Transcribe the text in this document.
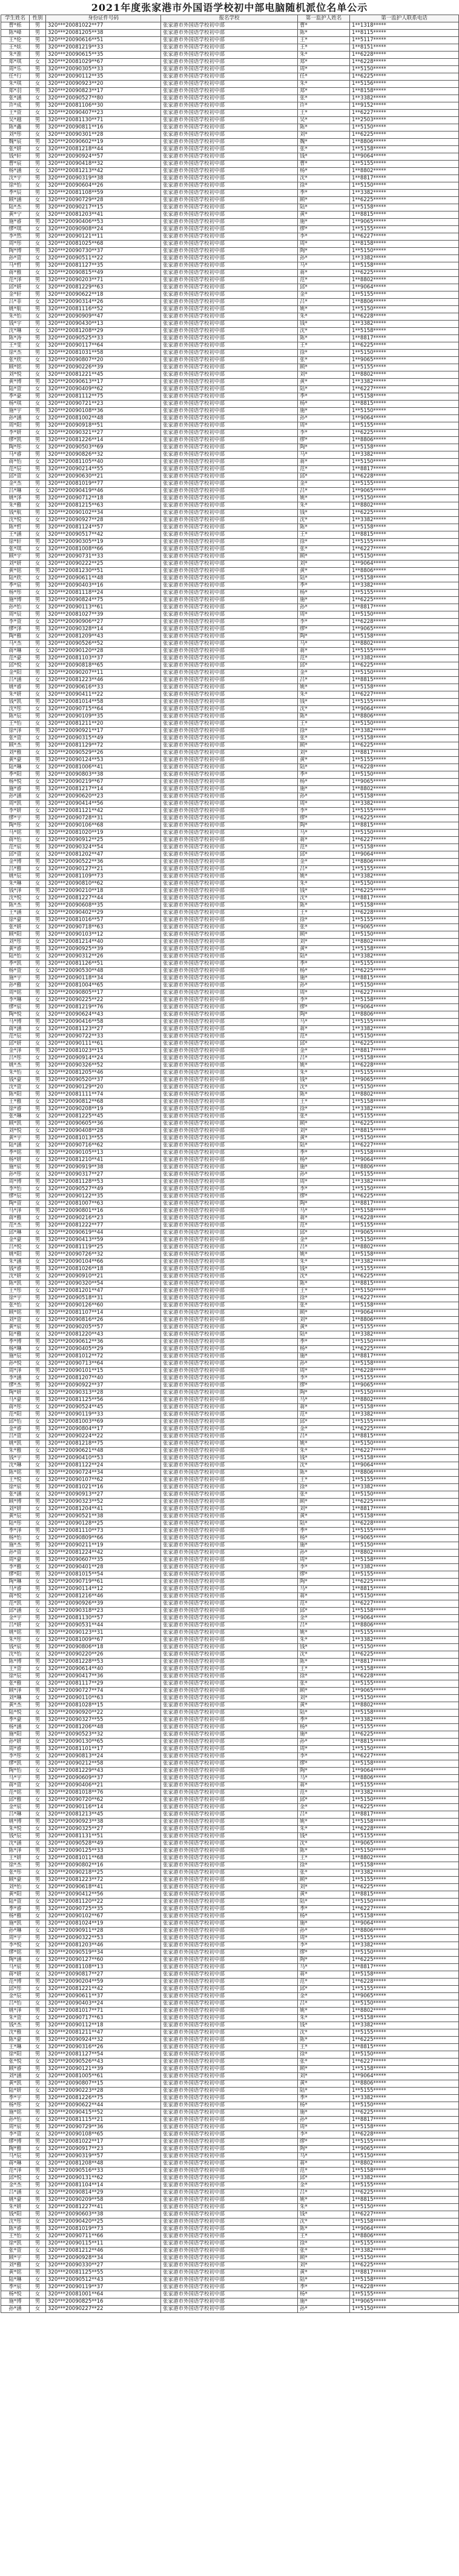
2021年度张家港市外国语学校初中部电脑随机派位名单公示
学生姓名	性别	身份证件号码	报名学校	第一监护人姓名	第一监护人联系电话
曹*栎	男	320***20081022**77	张家港市外国语学校初中部	曹*	1**1318*****
陈*峰	男	320***20081205**38	张家港市外国语学校初中部	陈*	1**8115*****
王*伦	男	320***20090616**51	张家港市外国语学校初中部	王*	1**5117*****
王*炫	男	320***20081219**33	张家港市外国语学校初中部	王*	1**8151*****
朱*淮	男	320***20090615**35	张家港市外国语学校初中部	朱*	1**6228*****
郑*琪	女	320***20081029**67	张家港市外国语学校初中部	郑*	1**6228*****
周*乐	男	320***20090305**33	张家港市外国语学校初中部	周*	1**5150*****
任*行	男	320***20090112**35	张家港市外国语学校初中部	任*	1**6225*****
朱*琪	女	320***20090923**20	张家港市外国语学校初中部	朱*	1**5156*****
郑*羽	男	320***20090823**17	张家港市外国语学校初中部	郑*	1**8158*****
张*涵	女	320***20090527**80	张家港市外国语学校初中部	张*	1**3382*****
许*成	男	320***20081106**30	张家港市外国语学校初中部	许*	1**9152*****
王*萱	女	320***20090407**23	张家港市外国语学校初中部	王*	1**6227*****
吴*越	男	320***20081130**71	张家港市外国语学校初中部	吴*	1**2503*****
陈*鑫	男	320***20090811**16	张家港市外国语学校初中部	陈*	1**5150*****
刘*彤	女	320***20090301**28	张家港市外国语学校初中部	刘*	1**6225*****
魏*宸	男	320***20090602**19	张家港市外国语学校初中部	魏*	1**8806*****
张*妍	女	320***20081218**44	张家港市外国语学校初中部	张*	1**5158*****
钱*轩	男	320***20090924**57	张家港市外国语学校初中部	钱*	1**9064*****
曹*宸	男	320***20090418**32	张家港市外国语学校初中部	曹*	1**5155*****
杨*涵	女	320***20081213**42	张家港市外国语学校初中部	杨*	1**8802*****
沈*宇	男	320***20090319**38	张家港市外国语学校初中部	沈*	1**8817*****
徐*怡	女	320***20090604**26	张家港市外国语学校初中部	徐*	1**5150*****
季*辰	男	320***20081108**59	张家港市外国语学校初中部	季*	1**3382*****
顾*涵	女	320***20090729**28	张家港市外国语学校初中部	顾*	1**6225*****
陆*杰	男	320***20090217**15	张家港市外国语学校初中部	陆*	1**5158*****
黄*宁	女	320***20081203**41	张家港市外国语学校初中部	黄*	1**8815*****
施*睿	男	320***20090406**53	张家港市外国语学校初中部	施*	1**9065*****
缪*琪	女	320***20090908**24	张家港市外国语学校初中部	缪*	1**5155*****
李*然	男	320***20090121**11	张家港市外国语学校初中部	李*	1**6227*****
周*彤	女	320***20081025**68	张家港市外国语学校初中部	周*	1**8158*****
陶*博	男	320***20090730**37	张家港市外国语学校初中部	陶*	1**5150*****
孙*萱	女	320***20090511**22	张家港市外国语学校初中部	孙*	1**3382*****
马*哲	男	320***20081127**35	张家港市外国语学校初中部	马*	1**5158*****
蒋*雅	女	320***20090815**49	张家港市外国语学校初中部	蒋*	1**6225*****
范*泽	男	320***20090203**71	张家港市外国语学校初中部	范*	1**8802*****
邱*妍	女	320***20081229**63	张家港市外国语学校初中部	邱*	1**9064*****
金*轩	男	320***20090622**18	张家港市外国语学校初中部	金*	1**5155*****
吕*菲	女	320***20090314**26	张家港市外国语学校初中部	吕*	1**8806*****
姚*航	男	320***20081116**52	张家港市外国语学校初中部	姚*	1**5150*****
朱*怡	女	320***20090909**47	张家港市外国语学校初中部	朱*	1**6228*****
钱*宇	男	320***20090430**13	张家港市外国语学校初中部	钱*	1**3382*****
沈*琳	女	320***20081208**29	张家港市外国语学校初中部	沈*	1**5158*****
陈*涛	男	320***20090525**33	张家港市外国语学校初中部	陈*	1**8817*****
王*雯	女	320***20090117**64	张家港市外国语学校初中部	王*	1**6225*****
徐*杰	男	320***20081031**58	张家港市外国语学校初中部	徐*	1**5150*****
张*欣	女	320***20090807**20	张家港市外国语学校初中部	张*	1**9065*****
顾*铭	男	320***20090226**39	张家港市外国语学校初中部	顾*	1**5155*****
刘*悦	女	320***20081221**45	张家港市外国语学校初中部	刘*	1**8802*****
黄*博	男	320***20090613**17	张家港市外国语学校初中部	黄*	1**3382*****
陆*萱	女	320***20090409**62	张家港市外国语学校初中部	陆*	1**6227*****
季*豪	男	320***20081112**75	张家港市外国语学校初中部	季*	1**5158*****
杨*琪	女	320***20090721**23	张家港市外国语学校初中部	杨*	1**8815*****
施*宇	男	320***20090108**36	张家港市外国语学校初中部	施*	1**5150*****
孙*涵	女	320***20081002**48	张家港市外国语学校初中部	孙*	1**9064*****
周*阳	男	320***20090918**51	张家港市外国语学校初中部	周*	1**5155*****
李*妍	女	320***20090321**27	张家港市外国语学校初中部	李*	1**6225*****
缪*凯	男	320***20081226**14	张家港市外国语学校初中部	缪*	1**8806*****
陶*彤	女	320***20090503**69	张家港市外国语学校初中部	陶*	1**5158*****
马*睿	男	320***20090826**32	张家港市外国语学校初中部	马*	1**3382*****
蒋*怡	女	320***20081105**40	张家港市外国语学校初中部	蒋*	1**5150*****
范*辰	男	320***20090214**55	张家港市外国语学校初中部	范*	1**8817*****
邱*萱	女	320***20090630**21	张家港市外国语学校初中部	邱*	1**6228*****
金*杰	男	320***20081019**77	张家港市外国语学校初中部	金*	1**5155*****
吕*琳	女	320***20090419**46	张家港市外国语学校初中部	吕*	1**9065*****
姚*泽	男	320***20090712**18	张家港市外国语学校初中部	姚*	1**5150*****
朱*雅	女	320***20081215**63	张家港市外国语学校初中部	朱*	1**8802*****
钱*航	男	320***20090102**34	张家港市外国语学校初中部	钱*	1**6225*****
沈*悦	女	320***20090927**28	张家港市外国语学校初中部	沈*	1**3382*****
陈*哲	男	320***20081124**57	张家港市外国语学校初中部	陈*	1**5158*****
王*涵	女	320***20090517**42	张家港市外国语学校初中部	王*	1**8815*****
徐*轩	男	320***20090305**19	张家港市外国语学校初中部	徐*	1**5155*****
张*琪	女	320***20081008**66	张家港市外国语学校初中部	张*	1**6227*****
顾*宇	男	320***20090731**33	张家港市外国语学校初中部	顾*	1**5150*****
刘*妍	女	320***20090222**25	张家港市外国语学校初中部	刘*	1**9064*****
黄*铭	男	320***20081230**51	张家港市外国语学校初中部	黄*	1**8806*****
陆*欣	女	320***20090611**48	张家港市外国语学校初中部	陆*	1**5158*****
季*宸	男	320***20090403**16	张家港市外国语学校初中部	季*	1**3382*****
杨*彤	女	320***20081118**24	张家港市外国语学校初中部	杨*	1**5155*****
施*博	男	320***20090824**75	张家港市外国语学校初中部	施*	1**6225*****
孙*怡	女	320***20090113**61	张家港市外国语学校初中部	孙*	1**8817*****
周*辰	男	320***20081027**39	张家港市外国语学校初中部	周*	1**5150*****
李*萱	女	320***20090906**27	张家港市外国语学校初中部	李*	1**6228*****
缪*泽	男	320***20090328**14	张家港市外国语学校初中部	缪*	1**9065*****
陶*雅	女	320***20081209**43	张家港市外国语学校初中部	陶*	1**5158*****
马*杰	男	320***20090526**52	张家港市外国语学校初中部	马*	1**8802*****
蒋*琳	女	320***20090120**28	张家港市外国语学校初中部	蒋*	1**5155*****
范*豪	男	320***20081103**37	张家港市外国语学校初中部	范*	1**3382*****
邱*悦	女	320***20090818**65	张家港市外国语学校初中部	邱*	1**6225*****
金*阳	男	320***20090207**11	张家港市外国语学校初中部	金*	1**5150*****
吕*涵	女	320***20081223**46	张家港市外国语学校初中部	吕*	1**8815*****
姚*睿	男	320***20090616**33	张家港市外国语学校初中部	姚*	1**5158*****
朱*妍	女	320***20090411**22	张家港市外国语学校初中部	朱*	1**6227*****
钱*凯	男	320***20081014**58	张家港市外国语学校初中部	钱*	1**5155*****
沈*彤	女	320***20090715**64	张家港市外国语学校初中部	沈*	1**9064*****
陈*辰	男	320***20090109**35	张家港市外国语学校初中部	陈*	1**8806*****
王*怡	女	320***20081211**20	张家港市外国语学校初中部	王*	1**5150*****
徐*泽	男	320***20090921**17	张家港市外国语学校初中部	徐*	1**3382*****
张*萱	女	320***20090315**49	张家港市外国语学校初中部	张*	1**5158*****
顾*杰	男	320***20081129**72	张家港市外国语学校初中部	顾*	1**6225*****
刘*雅	女	320***20090529**26	张家港市外国语学校初中部	刘*	1**8817*****
黄*豪	男	320***20090124**53	张家港市外国语学校初中部	黄*	1**5155*****
陆*琳	女	320***20081006**41	张家港市外国语学校初中部	陆*	1**6228*****
季*阳	男	320***20090803**38	张家港市外国语学校初中部	季*	1**5150*****
杨*悦	女	320***20090219**67	张家港市外国语学校初中部	杨*	1**9065*****
施*睿	男	320***20081217**14	张家港市外国语学校初中部	施*	1**8802*****
孙*涵	女	320***20090620**23	张家港市外国语学校初中部	孙*	1**5158*****
周*凯	男	320***20090414**56	张家港市外国语学校初中部	周*	1**3382*****
李*妍	女	320***20081121**42	张家港市外国语学校初中部	李*	1**5155*****
缪*宇	男	320***20090728**31	张家港市外国语学校初中部	缪*	1**6225*****
陶*彤	女	320***20090106**68	张家港市外国语学校初中部	陶*	1**8815*****
马*铭	男	320***20081020**19	张家港市外国语学校初中部	马*	1**5150*****
蒋*怡	女	320***20090912**25	张家港市外国语学校初中部	蒋*	1**6227*****
范*宸	男	320***20090324**54	张家港市外国语学校初中部	范*	1**5158*****
邱*萱	女	320***20081202**47	张家港市外国语学校初中部	邱*	1**9064*****
金*博	男	320***20090522**36	张家港市外国语学校初中部	金*	1**8806*****
吕*雅	女	320***20090127**21	张家港市外国语学校初中部	吕*	1**5155*****
姚*辰	男	320***20081109**73	张家港市外国语学校初中部	姚*	1**3382*****
朱*琳	女	320***20090810**62	张家港市外国语学校初中部	朱*	1**5150*****
钱*泽	男	320***20090210**18	张家港市外国语学校初中部	钱*	1**6225*****
沈*悦	女	320***20081227**44	张家港市外国语学校初中部	沈*	1**8817*****
陈*杰	男	320***20090608**35	张家港市外国语学校初中部	陈*	1**5158*****
王*涵	女	320***20090402**29	张家港市外国语学校初中部	王*	1**6228*****
徐*豪	男	320***20081016**57	张家港市外国语学校初中部	徐*	1**5155*****
张*妍	女	320***20090718**63	张家港市外国语学校初中部	张*	1**9065*****
顾*阳	男	320***20090103**12	张家港市外国语学校初中部	顾*	1**5150*****
刘*彤	女	320***20081214**40	张家港市外国语学校初中部	刘*	1**8802*****
黄*睿	男	320***20090925**39	张家港市外国语学校初中部	黄*	1**5158*****
陆*怡	女	320***20090312**26	张家港市外国语学校初中部	陆*	1**3382*****
季*凯	男	320***20081126**51	张家港市外国语学校初中部	季*	1**5155*****
杨*萱	女	320***20090530**48	张家港市外国语学校初中部	杨*	1**6225*****
施*宇	男	320***20090118**34	张家港市外国语学校初中部	施*	1**8815*****
孙*雅	女	320***20081004**65	张家港市外国语学校初中部	孙*	1**5150*****
周*铭	男	320***20090805**17	张家港市外国语学校初中部	周*	1**6227*****
李*琳	女	320***20090225**22	张家港市外国语学校初中部	李*	1**5158*****
缪*宸	男	320***20081219**76	张家港市外国语学校初中部	缪*	1**9064*****
陶*悦	女	320***20090624**43	张家港市外国语学校初中部	陶*	1**8806*****
马*博	男	320***20090416**58	张家港市外国语学校初中部	马*	1**5155*****
蒋*涵	女	320***20081123**27	张家港市外国语学校初中部	蒋*	1**3382*****
范*辰	男	320***20090722**33	张家港市外国语学校初中部	范*	1**5150*****
邱*妍	女	320***20090111**61	张家港市外国语学校初中部	邱*	1**6225*****
金*泽	男	320***20081023**15	张家港市外国语学校初中部	金*	1**8817*****
吕*彤	女	320***20090914**24	张家港市外国语学校初中部	吕*	1**5158*****
姚*杰	男	320***20090326**52	张家港市外国语学校初中部	姚*	1**6228*****
朱*怡	女	320***20081205**46	张家港市外国语学校初中部	朱*	1**5155*****
钱*豪	男	320***20090520**37	张家港市外国语学校初中部	钱*	1**9065*****
沈*萱	女	320***20090129**20	张家港市外国语学校初中部	沈*	1**5150*****
陈*阳	男	320***20081111**74	张家港市外国语学校初中部	陈*	1**8802*****
王*雅	女	320***20090812**68	张家港市外国语学校初中部	王*	1**5158*****
徐*睿	男	320***20090208**19	张家港市外国语学校初中部	徐*	1**3382*****
张*琳	女	320***20081225**45	张家港市外国语学校初中部	张*	1**5155*****
顾*凯	男	320***20090605**36	张家港市外国语学校初中部	顾*	1**6225*****
刘*悦	女	320***20090408**28	张家港市外国语学校初中部	刘*	1**8815*****
黄*宇	男	320***20081013**55	张家港市外国语学校初中部	黄*	1**5150*****
陆*涵	女	320***20090716**62	张家港市外国语学校初中部	陆*	1**6227*****
季*铭	男	320***20090105**13	张家港市外国语学校初中部	季*	1**5158*****
杨*妍	女	320***20081210**41	张家港市外国语学校初中部	杨*	1**9064*****
施*宸	男	320***20090919**38	张家港市外国语学校初中部	施*	1**8806*****
孙*彤	女	320***20090317**27	张家港市外国语学校初中部	孙*	1**5155*****
周*博	男	320***20081128**53	张家港市外国语学校初中部	周*	1**3382*****
李*怡	女	320***20090527**49	张家港市外国语学校初中部	李*	1**5150*****
缪*辰	男	320***20090122**35	张家港市外国语学校初中部	缪*	1**6225*****
陶*萱	女	320***20081007**63	张家港市外国语学校初中部	陶*	1**8817*****
马*泽	男	320***20090801**16	张家港市外国语学校初中部	马*	1**5158*****
蒋*雅	女	320***20090216**23	张家港市外国语学校初中部	蒋*	1**6228*****
范*杰	男	320***20081222**77	张家港市外国语学校初中部	范*	1**5155*****
邱*琳	女	320***20090619**44	张家港市外国语学校初中部	邱*	1**9065*****
金*豪	男	320***20090413**59	张家港市外国语学校初中部	金*	1**5150*****
吕*悦	女	320***20081119**25	张家港市外国语学校初中部	吕*	1**8802*****
姚*阳	男	320***20090726**32	张家港市外国语学校初中部	姚*	1**5158*****
朱*涵	女	320***20090104**66	张家港市外国语学校初中部	朱*	1**3382*****
钱*睿	男	320***20081026**18	张家港市外国语学校初中部	钱*	1**5155*****
沈*妍	女	320***20090910**21	张家港市外国语学校初中部	沈*	1**6225*****
陈*凯	男	320***20090320**54	张家港市外国语学校初中部	陈*	1**8815*****
王*彤	女	320***20081201**47	张家港市外国语学校初中部	王*	1**5150*****
徐*宇	男	320***20090518**31	张家港市外国语学校初中部	徐*	1**6227*****
张*怡	女	320***20090126**60	张家港市外国语学校初中部	张*	1**5158*****
顾*铭	男	320***20081107**14	张家港市外国语学校初中部	顾*	1**9064*****
刘*萱	女	320***20090816**26	张家港市外国语学校初中部	刘*	1**8806*****
黄*宸	男	320***20090205**57	张家港市外国语学校初中部	黄*	1**5155*****
陆*雅	女	320***20081220**43	张家港市外国语学校初中部	陆*	1**3382*****
季*博	男	320***20090612**36	张家港市外国语学校初中部	季*	1**5150*****
杨*琳	女	320***20090405**29	张家港市外国语学校初中部	杨*	1**6225*****
施*辰	男	320***20081012**72	张家港市外国语学校初中部	施*	1**8817*****
孙*悦	女	320***20090713**64	张家港市外国语学校初中部	孙*	1**5158*****
周*泽	男	320***20090101**15	张家港市外国语学校初中部	周*	1**6228*****
李*涵	女	320***20081207**40	张家港市外国语学校初中部	李*	1**5155*****
缪*杰	男	320***20090922**37	张家港市外国语学校初中部	缪*	1**9065*****
陶*妍	女	320***20090313**28	张家港市外国语学校初中部	陶*	1**5150*****
马*豪	男	320***20081125**56	张家港市外国语学校初中部	马*	1**8802*****
蒋*彤	女	320***20090524**45	张家港市外国语学校初中部	蒋*	1**5158*****
范*阳	男	320***20090119**33	张家港市外国语学校初中部	范*	1**3382*****
邱*怡	女	320***20081003**69	张家港市外国语学校初中部	邱*	1**5155*****
金*睿	男	320***20090804**17	张家港市外国语学校初中部	金*	1**6225*****
吕*萱	女	320***20090224**22	张家港市外国语学校初中部	吕*	1**8815*****
姚*凯	男	320***20081218**75	张家港市外国语学校初中部	姚*	1**5150*****
朱*雅	女	320***20090621**48	张家港市外国语学校初中部	朱*	1**6227*****
钱*宇	男	320***20090410**53	张家港市外国语学校初中部	钱*	1**5158*****
沈*琳	女	320***20081122**24	张家港市外国语学校初中部	沈*	1**9064*****
陈*铭	男	320***20090724**34	张家港市外国语学校初中部	陈*	1**8806*****
王*悦	女	320***20090107**62	张家港市外国语学校初中部	王*	1**5155*****
徐*宸	男	320***20081021**16	张家港市外国语学校初中部	徐*	1**3382*****
张*涵	女	320***20090913**27	张家港市外国语学校初中部	张*	1**5150*****
顾*博	男	320***20090323**52	张家港市外国语学校初中部	顾*	1**6225*****
刘*妍	女	320***20081204**41	张家港市外国语学校初中部	刘*	1**8817*****
黄*辰	男	320***20090521**38	张家港市外国语学校初中部	黄*	1**5158*****
陆*彤	女	320***20090128**25	张家港市外国语学校初中部	陆*	1**6228*****
季*泽	男	320***20081110**73	张家港市外国语学校初中部	季*	1**5155*****
杨*怡	女	320***20090809**66	张家港市外国语学校初中部	杨*	1**9065*****
施*杰	男	320***20090211**19	张家港市外国语学校初中部	施*	1**5150*****
孙*萱	女	320***20081224**42	张家港市外国语学校初中部	孙*	1**8802*****
周*豪	男	320***20090607**35	张家港市外国语学校初中部	周*	1**5158*****
李*雅	女	320***20090401**28	张家港市外国语学校初中部	李*	1**3382*****
缪*阳	男	320***20081015**54	张家港市外国语学校初中部	缪*	1**5155*****
陶*琳	女	320***20090719**61	张家港市外国语学校初中部	陶*	1**6225*****
马*睿	男	320***20090114**12	张家港市外国语学校初中部	马*	1**8815*****
蒋*悦	女	320***20081216**46	张家港市外国语学校初中部	蒋*	1**5150*****
范*凯	男	320***20090926**39	张家港市外国语学校初中部	范*	1**6227*****
邱*涵	女	320***20090318**23	张家港市外国语学校初中部	邱*	1**5158*****
金*宇	男	320***20081130**57	张家港市外国语学校初中部	金*	1**9064*****
吕*妍	女	320***20090531**44	张家港市外国语学校初中部	吕*	1**8806*****
姚*铭	男	320***20090123**31	张家港市外国语学校初中部	姚*	1**5155*****
朱*彤	女	320***20081009**67	张家港市外国语学校初中部	朱*	1**3382*****
钱*宸	男	320***20090806**18	张家港市外国语学校初中部	钱*	1**5150*****
沈*怡	女	320***20090220**26	张家港市外国语学校初中部	沈*	1**6225*****
陈*博	男	320***20081228**53	张家港市外国语学校初中部	陈*	1**8817*****
王*萱	女	320***20090614**40	张家港市外国语学校初中部	王*	1**5158*****
徐*辰	男	320***20090417**36	张家港市外国语学校初中部	徐*	1**6228*****
张*雅	女	320***20081117**29	张家港市外国语学校初中部	张*	1**5155*****
顾*泽	男	320***20090727**74	张家港市外国语学校初中部	顾*	1**9065*****
刘*琳	女	320***20090110**63	张家港市外国语学校初中部	刘*	1**5150*****
黄*杰	男	320***20081028**15	张家港市外国语学校初中部	黄*	1**8802*****
陆*悦	女	320***20090920**22	张家港市外国语学校初中部	陆*	1**5158*****
季*豪	男	320***20090327**55	张家港市外国语学校初中部	季*	1**3382*****
杨*涵	女	320***20081206**48	张家港市外国语学校初中部	杨*	1**5155*****
施*阳	男	320***20090523**32	张家港市外国语学校初中部	施*	1**6225*****
孙*妍	女	320***20090130**65	张家港市外国语学校初中部	孙*	1**8815*****
周*睿	男	320***20081101**17	张家港市外国语学校初中部	周*	1**5150*****
李*彤	女	320***20090813**24	张家港市外国语学校初中部	李*	1**6227*****
缪*凯	男	320***20090212**58	张家港市外国语学校初中部	缪*	1**5158*****
陶*怡	女	320***20081229**43	张家港市外国语学校初中部	陶*	1**9064*****
马*宇	男	320***20090609**37	张家港市外国语学校初中部	马*	1**8806*****
蒋*萱	女	320***20090406**21	张家港市外国语学校初中部	蒋*	1**5155*****
范*铭	男	320***20081018**76	张家港市外国语学校初中部	范*	1**3382*****
邱*雅	女	320***20090720**62	张家港市外国语学校初中部	邱*	1**5150*****
金*宸	男	320***20090116**14	张家港市外国语学校初中部	金*	1**6225*****
吕*琳	女	320***20081213**45	张家港市外国语学校初中部	吕*	1**8817*****
姚*博	男	320***20090923**38	张家港市外国语学校初中部	姚*	1**5158*****
朱*悦	女	320***20090325**27	张家港市外国语学校初中部	朱*	1**6228*****
钱*辰	男	320***20081131**51	张家港市外国语学校初中部	钱*	1**5155*****
沈*涵	女	320***20090528**49	张家港市外国语学校初中部	沈*	1**9065*****
陈*泽	男	320***20090125**33	张家港市外国语学校初中部	陈*	1**5150*****
王*妍	女	320***20081011**68	张家港市外国语学校初中部	王*	1**8802*****
徐*杰	男	320***20090802**16	张家港市外国语学校初中部	徐*	1**5158*****
张*彤	女	320***20090218**25	张家港市外国语学校初中部	张*	1**3382*****
顾*豪	男	320***20081223**72	张家港市外国语学校初中部	顾*	1**5155*****
刘*怡	女	320***20090618**41	张家港市外国语学校初中部	刘*	1**6225*****
黄*阳	男	320***20090412**56	张家港市外国语学校初中部	黄*	1**8815*****
陆*萱	女	320***20081120**22	张家港市外国语学校初中部	陆*	1**5150*****
季*睿	男	320***20090725**35	张家港市外国语学校初中部	季*	1**6227*****
杨*雅	女	320***20090102**67	张家港市外国语学校初中部	杨*	1**5158*****
施*凯	男	320***20081024**19	张家港市外国语学校初中部	施*	1**9064*****
孙*琳	女	320***20090911**28	张家港市外国语学校初中部	孙*	1**8806*****
周*宇	男	320***20090322**53	张家港市外国语学校初中部	周*	1**5155*****
李*悦	女	320***20081203**46	张家港市外国语学校初中部	李*	1**3382*****
缪*铭	男	320***20090519**34	张家港市外国语学校初中部	缪*	1**5150*****
陶*涵	女	320***20090127**60	张家港市外国语学校初中部	陶*	1**6225*****
马*宸	男	320***20081108**13	张家港市外国语学校初中部	马*	1**8817*****
蒋*妍	女	320***20090817**27	张家港市外国语学校初中部	蒋*	1**5158*****
范*博	男	320***20090204**59	张家港市外国语学校初中部	范*	1**6228*****
邱*彤	女	320***20081221**42	张家港市外国语学校初中部	邱*	1**5155*****
金*辰	男	320***20090611**37	张家港市外国语学校初中部	金*	1**9065*****
吕*怡	女	320***20090403**24	张家港市外国语学校初中部	吕*	1**5150*****
姚*泽	男	320***20081017**71	张家港市外国语学校初中部	姚*	1**8802*****
朱*萱	女	320***20090717**63	张家港市外国语学校初中部	朱*	1**5158*****
钱*杰	男	320***20090112**18	张家港市外国语学校初中部	钱*	1**3382*****
沈*雅	女	320***20081211**47	张家港市外国语学校初中部	沈*	1**5155*****
陈*豪	男	320***20090924**32	张家港市外国语学校初中部	陈*	1**6225*****
王*琳	女	320***20090316**26	张家港市外国语学校初中部	王*	1**8815*****
徐*阳	男	320***20081127**54	张家港市外国语学校初中部	徐*	1**5150*****
张*悦	女	320***20090526**43	张家港市外国语学校初中部	张*	1**6227*****
顾*睿	男	320***20090121**39	张家港市外国语学校初中部	顾*	1**5158*****
刘*涵	女	320***20081005**61	张家港市外国语学校初中部	刘*	1**9064*****
黄*凯	男	320***20090807**15	张家港市外国语学校初中部	黄*	1**8806*****
陆*妍	女	320***20090223**28	张家港市外国语学校初中部	陆*	1**5155*****
季*宇	男	320***20081226**75	张家港市外国语学校初中部	季*	1**3382*****
杨*彤	女	320***20090622**44	张家港市外国语学校初中部	杨*	1**5150*****
施*铭	男	320***20090415**52	张家港市外国语学校初中部	施*	1**6225*****
孙*怡	女	320***20081115**21	张家港市外国语学校初中部	孙*	1**8817*****
周*宸	男	320***20090729**36	张家港市外国语学校初中部	周*	1**5158*****
李*萱	女	320***20090108**65	张家港市外国语学校初中部	李*	1**6228*****
缪*博	男	320***20081022**17	张家港市外国语学校初中部	缪*	1**5155*****
陶*雅	女	320***20090917**23	张家港市外国语学校初中部	陶*	1**9065*****
马*辰	男	320***20090319**57	张家港市外国语学校初中部	马*	1**5150*****
蒋*琳	女	320***20081208**48	张家港市外国语学校初中部	蒋*	1**8802*****
范*泽	男	320***20090516**33	张家港市外国语学校初中部	范*	1**5158*****
邱*悦	女	320***20090131**62	张家港市外国语学校初中部	邱*	1**3382*****
金*杰	男	320***20081104**14	张家港市外国语学校初中部	金*	1**5155*****
吕*涵	女	320***20090814**29	张家港市外国语学校初中部	吕*	1**6225*****
姚*豪	男	320***20090209**58	张家港市外国语学校初中部	姚*	1**8815*****
朱*妍	女	320***20081227**41	张家港市外国语学校初中部	朱*	1**5150*****
钱*阳	男	320***20090603**38	张家港市外国语学校初中部	钱*	1**6227*****
沈*彤	女	320***20090420**25	张家港市外国语学校初中部	沈*	1**5158*****
陈*睿	男	320***20081019**73	张家港市外国语学校初中部	陈*	1**9064*****
王*怡	女	320***20090711**66	张家港市外国语学校初中部	王*	1**8806*****
徐*凯	男	320***20090115**11	张家港市外国语学校初中部	徐*	1**5155*****
张*萱	女	320***20081212**46	张家港市外国语学校初中部	张*	1**3382*****
顾*宇	男	320***20090928**34	张家港市外国语学校初中部	顾*	1**5150*****
刘*雅	女	320***20090330**27	张家港市外国语学校初中部	刘*	1**6225*****
黄*铭	男	320***20081125**55	张家港市外国语学校初中部	黄*	1**8817*****
陆*琳	女	320***20090512**43	张家港市外国语学校初中部	陆*	1**5158*****
季*宸	男	320***20090119**37	张家港市外国语学校初中部	季*	1**6228*****
杨*悦	女	320***20081001**64	张家港市外国语学校初中部	杨*	1**5155*****
施*博	男	320***20090825**16	张家港市外国语学校初中部	施*	1**9065*****
孙*涵	女	320***20090227**22	张家港市外国语学校初中部	孙*	1**5150*****
